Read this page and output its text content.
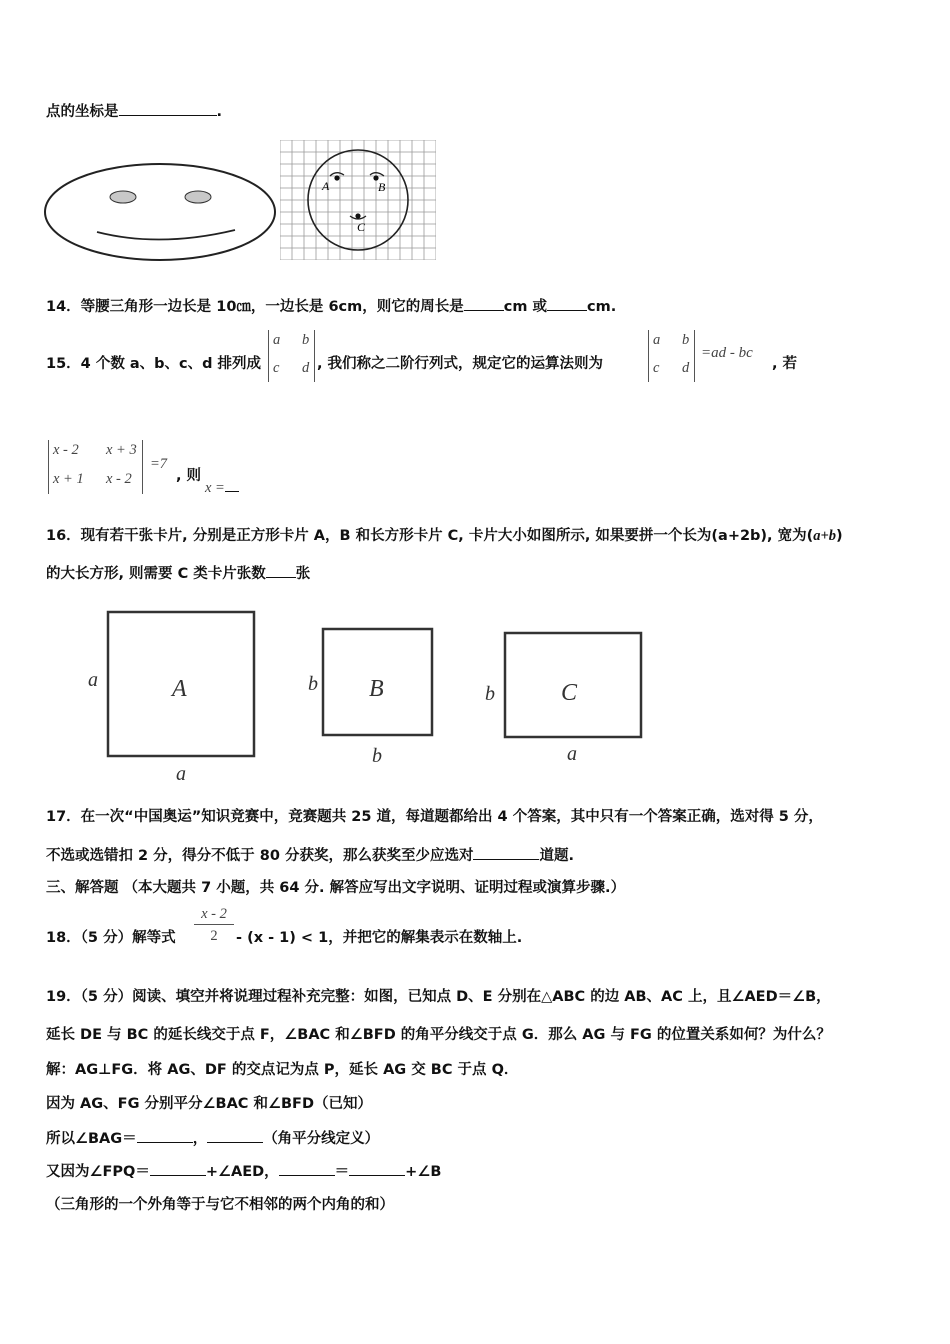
点的坐标是	.
A	B
C
14．等腰三角形一边长是 10㎝，一边长是 6cm，则它的周长是	cm 或	cm.
15．4 个数 a、b、c、d 排列成
a b
c d , 我们称之二阶行列式，规定它的运算法则为
a b
c d
=ad - bc
, 若
x - 2 x + 3
x + 1 x - 2
=7
, 则
x =
16．现有若干张卡片, 分别是正方形卡片 A，B 和长方形卡片 C, 卡片大小如图所示, 如果要拼一个长为(a+2b), 宽为(a+b)
的大长方形, 则需要 C 类卡片张数 张
A
a
a
B
b
b
C
b
a
17．在一次“中国奥运”知识竞赛中，竞赛题共 25 道，每道题都给出 4 个答案，其中只有一个答案正确，选对得 5 分，
不选或选错扣 2 分，得分不低于 80 分获奖，那么获奖至少应选对	道题.
三、解答题 （本大题共 7 小题，共 64 分. 解答应写出文字说明、证明过程或演算步骤.）
18．（5 分）解等式
x - 2
2	- (x - 1) < 1，并把它的解集表示在数轴上.
19．（5 分）阅读、填空并将说理过程补充完整：如图，已知点 D、E 分别在△ABC 的边 AB、AC 上，且∠AED＝∠B，
延长 DE 与 BC 的延长线交于点 F，∠BAC 和∠BFD 的角平分线交于点 G．那么 AG 与 FG 的位置关系如何？为什么？
解：AG⊥FG．将 AG、DF 的交点记为点 P，延长 AG 交 BC 于点 Q．
因为 AG、FG 分别平分∠BAC 和∠BFD（已知）
所以∠BAG＝	，	（角平分线定义）
又因为∠FPQ＝	+∠AED，	＝	+∠B
（三角形的一个外角等于与它不相邻的两个内角的和）
